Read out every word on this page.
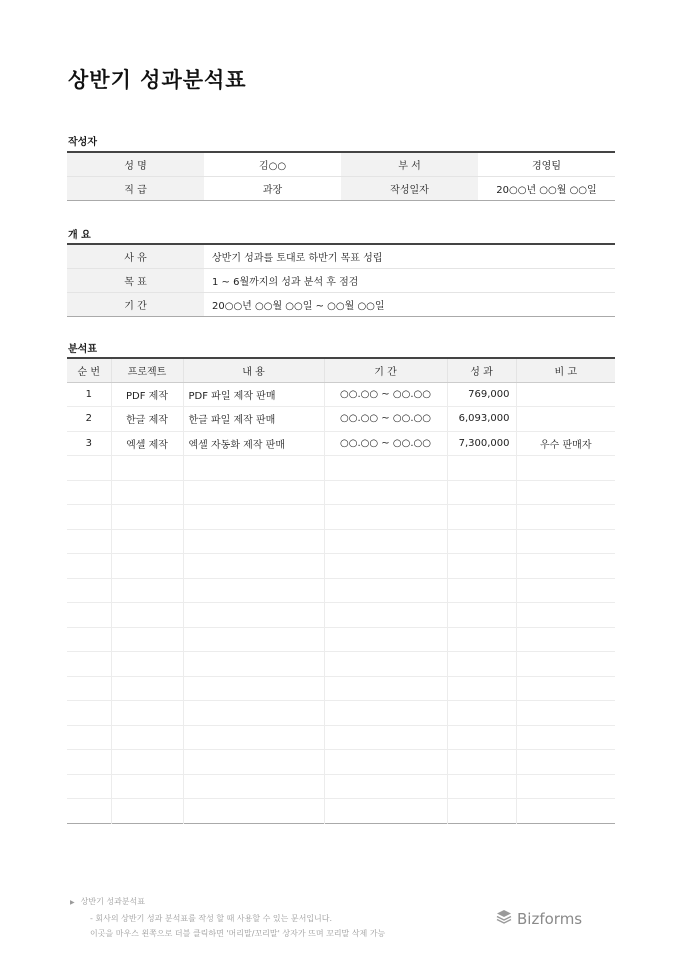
상반기 성과분석표
작성자
성 명	김○○	부 서	경영팀
직 급	과장	작성일자	20○○년 ○○월 ○○일
개 요
사 유	상반기 성과를 토대로 하반기 목표 성립
목 표	1 ~ 6월까지의 성과 분석 후 점검
기 간	20○○년 ○○월 ○○일 ~ ○○월 ○○일
분석표
순 번	프로젝트	내 용	기 간	성 과	비 고
1	PDF 제작	PDF 파일 제작 판매	○○.○○ ~ ○○.○○	769,000	
2	한글 제작	한글 파일 제작 판매	○○.○○ ~ ○○.○○	6,093,000	
3	엑셀 제작	엑셀 자동화 제작 판매	○○.○○ ~ ○○.○○	7,300,000	우수 판매자

▶ 상반기 성과분석표
- 회사의 상반기 성과 분석표를 작성 할 때 사용할 수 있는 문서입니다.
이곳을 마우스 왼쪽으로 더블 클릭하면 '머리말/꼬리말' 상자가 뜨며 꼬리말 삭제 가능
Bizforms
